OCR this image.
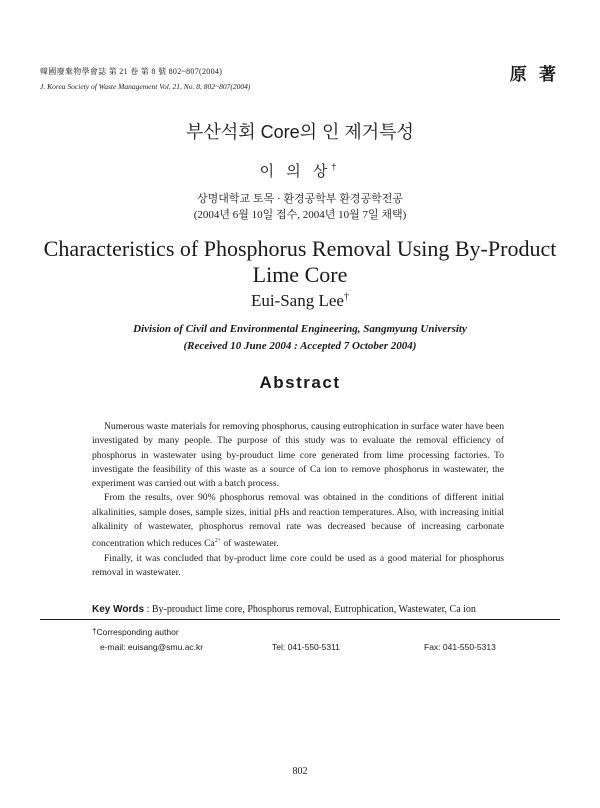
韓國廢棄物學會誌 第 21 卷 第 8 號 802~807(2004)
J. Korea Society of Waste Management Vol. 21, No. 8, 802~807(2004)
原 著
부산석회 Core의 인 제거특성
이 의 상†
상명대학교 토목 · 환경공학부 환경공학전공
(2004년 6월 10일 접수, 2004년 10월 7일 채택)
Characteristics of Phosphorus Removal Using By-Product Lime Core
Eui-Sang Lee†
Division of Civil and Environmental Engineering, Sangmyung University
(Received 10 June 2004 : Accepted 7 October 2004)
Abstract

Numerous waste materials for removing phosphorus, causing eutrophication in surface water have been investigated by many people. The purpose of this study was to evaluate the removal efficiency of phosphorus in wastewater using by-prouduct lime core generated from lime processing factories. To investigate the feasibility of this waste as a source of Ca ion to remove phosphorus in wastewater, the experiment was carried out with a batch process.

From the results, over 90% phosphorus removal was obtained in the conditions of different initial alkalinities, sample doses, sample sizes, initial pHs and reaction temperatures. Also, with increasing initial alkalinity of wastewater, phosphorus removal rate was decreased because of increasing carbonate concentration which reduces $Ca^{2+}$ of wastewater.

Finally, it was concluded that by-product lime core could be used as a good material for phosphorus removal in wastewater.

Key Words : By-prouduct lime core, Phosphorus removal, Eutrophication, Wastewater, Ca ion
†Corresponding author
e-mail: euisang@smu.ac.kr	Tel: 041-550-5311	Fax: 041-550-5313
802
